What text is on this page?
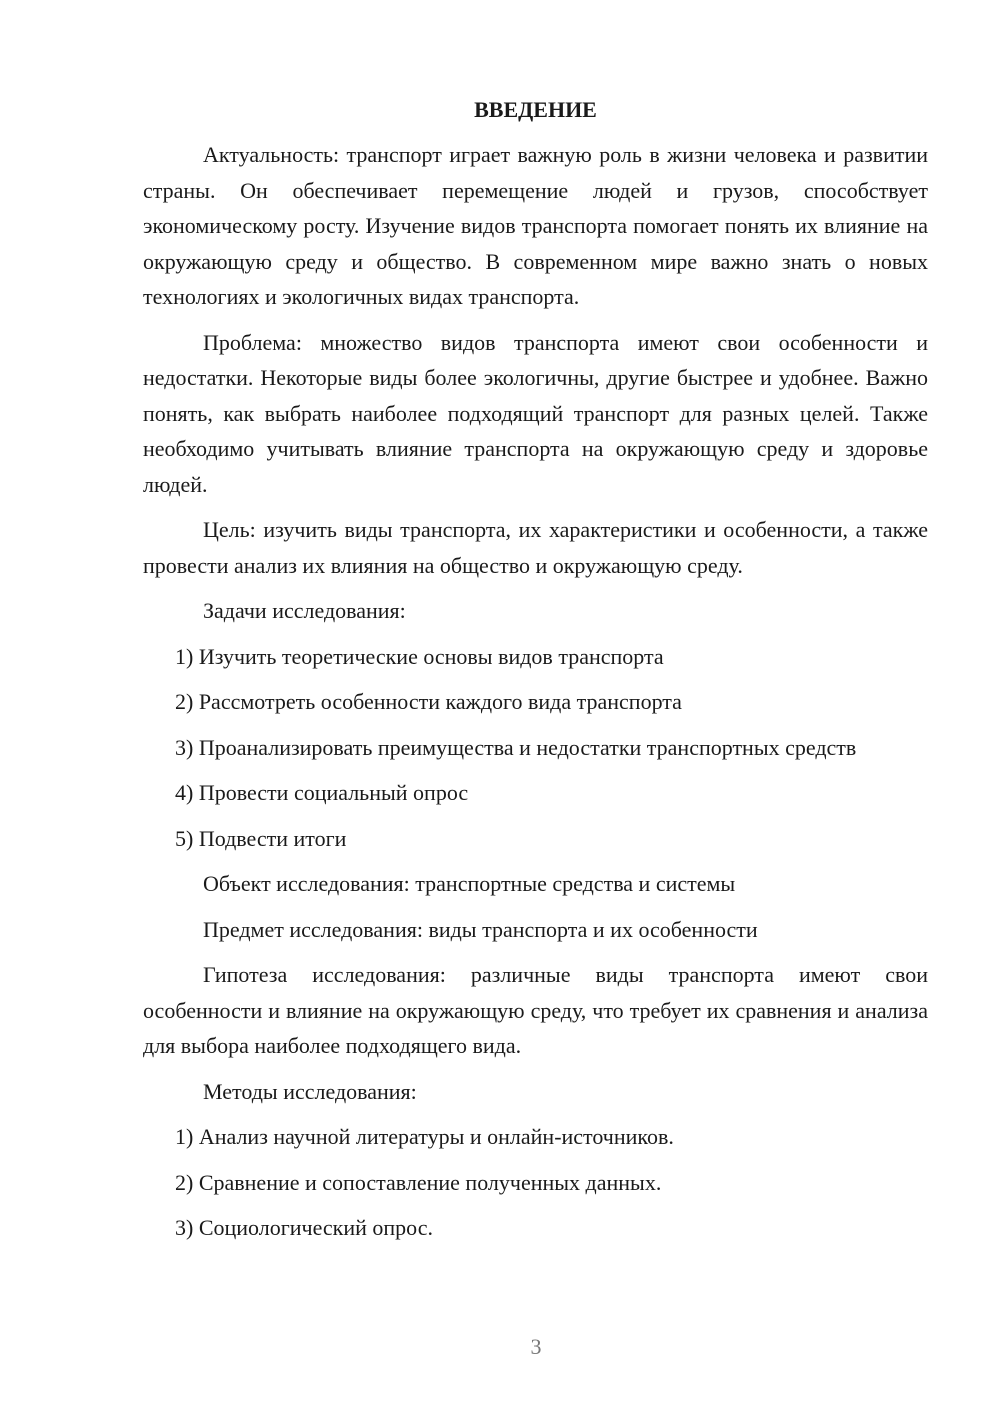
ВВЕДЕНИЕ

Актуальность: транспорт играет важную роль в жизни человека и развитии страны. Он обеспечивает перемещение людей и грузов, способствует экономическому росту. Изучение видов транспорта помогает понять их влияние на окружающую среду и общество. В современном мире важно знать о новых технологиях и экологичных видах транспорта.

Проблема: множество видов транспорта имеют свои особенности и недостатки. Некоторые виды более экологичны, другие быстрее и удобнее. Важно понять, как выбрать наиболее подходящий транспорт для разных целей. Также необходимо учитывать влияние транспорта на окружающую среду и здоровье людей.

Цель: изучить виды транспорта, их характеристики и особенности, а также провести анализ их влияния на общество и окружающую среду.

Задачи исследования:

1) Изучить теоретические основы видов транспорта

2) Рассмотреть особенности каждого вида транспорта

3) Проанализировать преимущества и недостатки транспортных средств

4) Провести социальный опрос

5) Подвести итоги

Объект исследования: транспортные средства и системы

Предмет исследования: виды транспорта и их особенности

Гипотеза исследования: различные виды транспорта имеют свои особенности и влияние на окружающую среду, что требует их сравнения и анализа для выбора наиболее подходящего вида.

Методы исследования:

1) Анализ научной литературы и онлайн-источников.

2) Сравнение и сопоставление полученных данных.

3) Социологический опрос.

3
